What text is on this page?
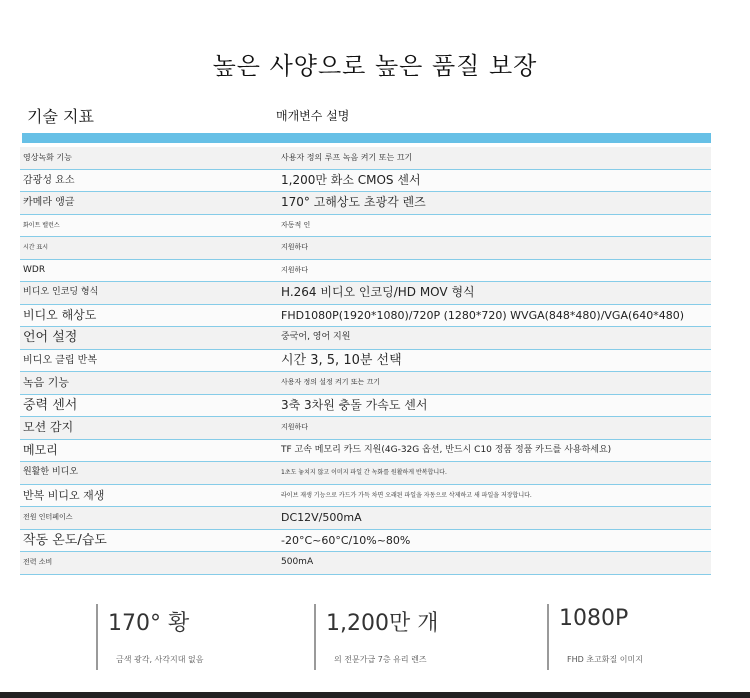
높은 사양으로 높은 품질 보장
기술 지표	매개변수 설명
영상녹화 기능	사용자 정의 루프 녹음 켜기 또는 끄기
감광성 요소	1,200만 화소 CMOS 센서
카메라 앵글	170° 고해상도 초광각 렌즈
화이트 밸런스	자동적 인
시간 표시	지원하다
WDR	지원하다
비디오 인코딩 형식	H.264 비디오 인코딩/HD MOV 형식
비디오 해상도	FHD1080P(1920*1080)/720P (1280*720) WVGA(848*480)/VGA(640*480)
언어 설정	중국어, 영어 지원
비디오 클립 반복	시간 3, 5, 10분 선택
녹음 기능	사용자 정의 설정 켜기 또는 끄기
중력 센서	3축 3차원 충돌 가속도 센서
모션 감지	지원하다
메모리	TF 고속 메모리 카드 지원(4G-32G 옵션, 반드시 C10 정품 정품 카드를 사용하세요)
원활한 비디오	1초도 놓치지 않고 이미지 파일 간 녹화를 원활하게 반복합니다.
반복 비디오 재생	라이브 재생 기능으로 카드가 가득 차면 오래된 파일을 자동으로 삭제하고 새 파일을 저장합니다.
전원 인터페이스	DC12V/500mA
작동 온도/습도	-20°C~60°C/10%~80%
전력 소비	500mA
170° 황
금색 광각, 사각지대 없음
1,200만 개
의 전문가급 7층 유리 렌즈
1080P
FHD 초고화질 이미지
